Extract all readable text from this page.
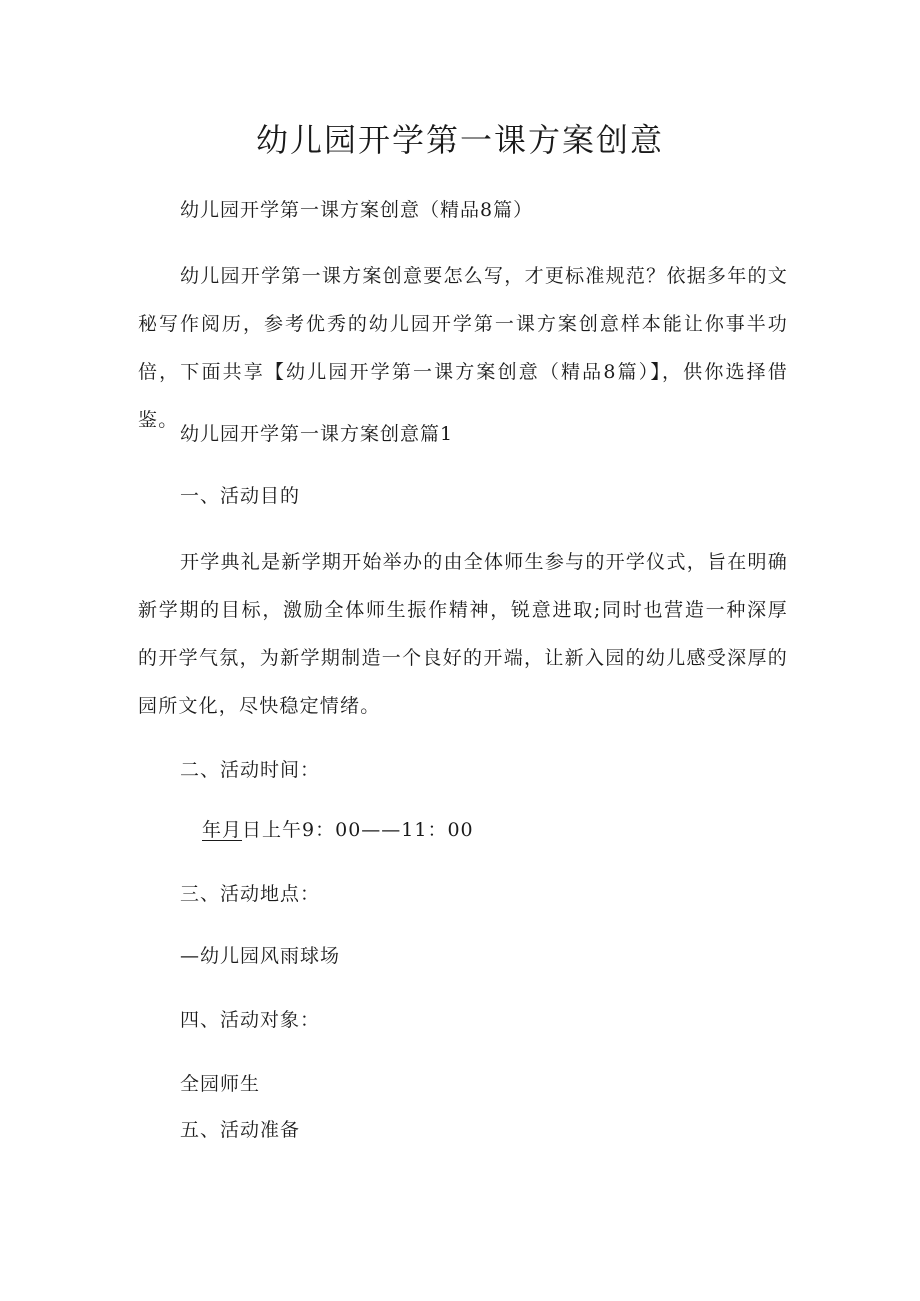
幼儿园开学第一课方案创意

幼儿园开学第一课方案创意（精品8篇）

幼儿园开学第一课方案创意要怎么写，才更标准规范？依据多年的文秘写作阅历，参考优秀的幼儿园开学第一课方案创意样本能让你事半功倍，下面共享【幼儿园开学第一课方案创意（精品8篇）】，供你选择借鉴。

幼儿园开学第一课方案创意篇1

一、活动目的

开学典礼是新学期开始举办的由全体师生参与的开学仪式，旨在明确新学期的目标，激励全体师生振作精神，锐意进取;同时也营造一种深厚的开学气氛，为新学期制造一个良好的开端，让新入园的幼儿感受深厚的园所文化，尽快稳定情绪。

二、活动时间：

年月日上午9：00——11：00

三、活动地点：

—幼儿园风雨球场

四、活动对象：

全园师生

五、活动准备
